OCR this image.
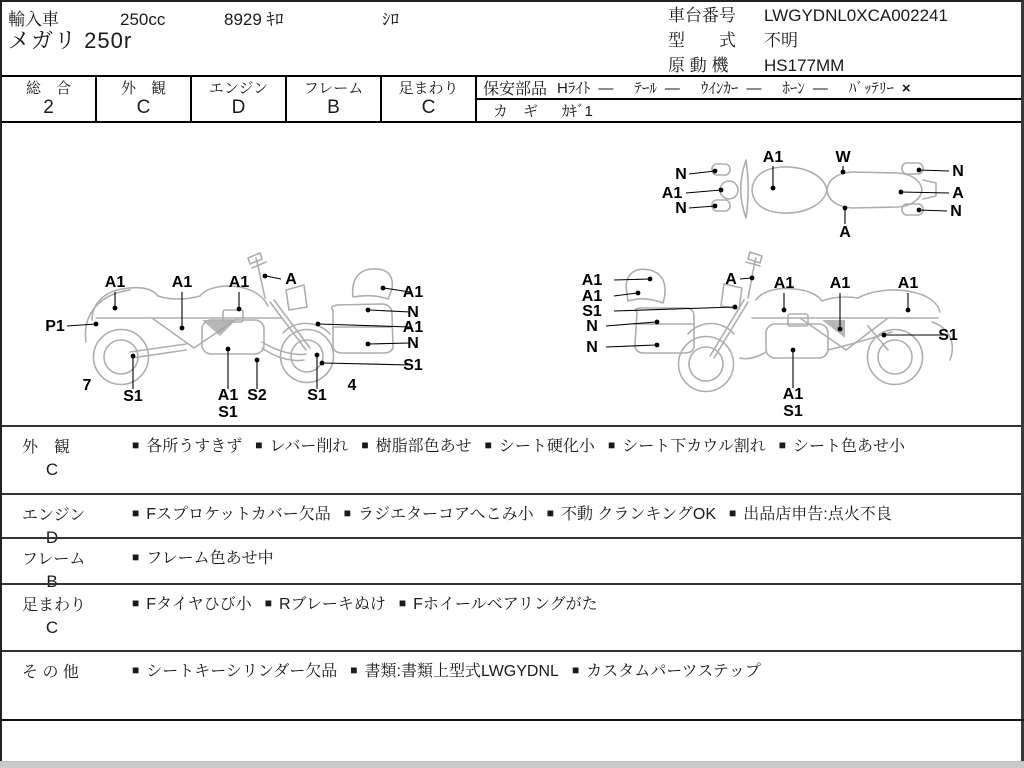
輸入車	250cc	8929 ｷﾛ	ｼﾛ
メガリ 250r
車台番号 LWGYDNL0XCA002241
型　　式 不明
原 動 機 HS177MM
総　合
2
外　観
C
エンジン
D
フレーム
B
足まわり
C
保安部品 Hﾗｲﾄ — ﾃｰﾙ — ｳｲﾝｶｰ — ﾎｰﾝ — ﾊﾞｯﾃﾘｰ ×
カ　ギ ｶｷﾞ1
A1	W
N
A1
N
N
A
N
A
A1	A1 A1 A
P1
7
S1	A1
S1
S2	S1
4
A1
N
A1
N
S1
A1
A1
S1
N
N
A A1 A1	A1
S1
A1
S1
外　観
C
■ 各所うすきず ■ レバー削れ ■ 樹脂部色あせ ■ シート硬化小 ■ シート下カウル割れ ■ シート色あせ小
エンジン
D
■ Fスプロケットカバー欠品 ■ ラジエターコアへこみ小 ■ 不動 クランキングOK ■ 出品店申告:点火不良
フレーム
B
■ フレーム色あせ中
足まわり
C
■ Fタイヤひび小 ■ Rブレーキぬけ ■ Fホイールベアリングがた
そ の 他	■ シートキーシリンダー欠品 ■ 書類:書類上型式LWGYDNL ■ カスタムパーツステップ
